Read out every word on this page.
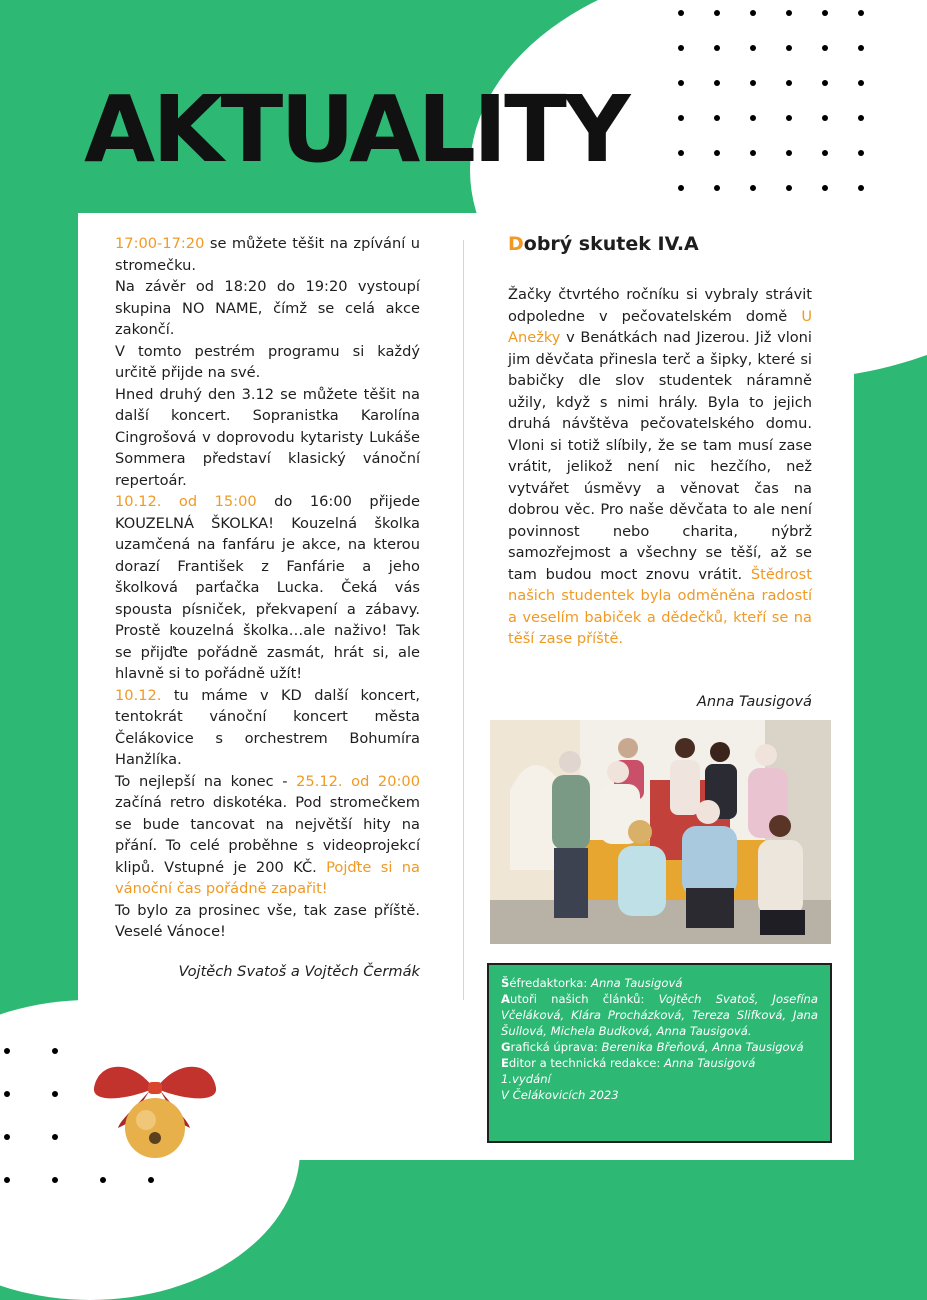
AKTUALITY

17:00-17:20 se můžete těšit na zpívání u stromečku.

Na závěr od 18:20 do 19:20 vystoupí skupina NO NAME, čímž se celá akce zakončí.

V tomto pestrém programu si každý určitě přijde na své.

Hned druhý den 3.12 se můžete těšit na další koncert. Sopranistka Karolína Cingrošová v doprovodu kytaristy Lukáše Sommera představí klasický vánoční repertoár.

10.12. od 15:00 do 16:00 přijede KOUZELNÁ ŠKOLKA! Kouzelná školka uzamčená na fanfáru je akce, na kterou dorazí František z Fanfárie a jeho školková parťačka Lucka. Čeká vás spousta písniček, překvapení a zábavy. Prostě kouzelná školka…ale naživo! Tak se přijďte pořádně zasmát, hrát si, ale hlavně si to pořádně užít!

10.12. tu máme v KD další koncert, tentokrát vánoční koncert města Čelákovice s orchestrem Bohumíra Hanžlíka.

To nejlepší na konec - 25.12. od 20:00 začíná retro diskotéka. Pod stromečkem se bude tancovat na největší hity na přání. To celé proběhne s videoprojekcí klipů. Vstupné je 200 KČ. Pojďte si na vánoční čas pořádně zapařit!

To bylo za prosinec vše, tak zase příště. Veselé Vánoce!

Vojtěch Svatoš a Vojtěch Čermák

Dobrý skutek IV.A

Žačky čtvrtého ročníku si vybraly strávit odpoledne v pečovatelském domě U Anežky v Benátkách nad Jizerou. Již vloni jim děvčata přinesla terč a šipky, které si babičky dle slov studentek náramně užily, když s nimi hrály. Byla to jejich druhá návštěva pečovatelského domu. Vloni si totiž slíbily, že se tam musí zase vrátit, jelikož není nic hezčího, než vytvářet úsměvy a věnovat čas na dobrou věc. Pro naše děvčata to ale není povinnost nebo charita, nýbrž samozřejmost a všechny se těší, až se tam budou moct znovu vrátit. Štědrost našich studentek byla odměněna radostí a veselím babiček a dědečků, kteří se na těší zase příště.

Anna Tausigová

Šéfredaktorka: Anna Tausigová

Autoři našich článků: Vojtěch Svatoš, Josefína Včeláková, Klára Procházková, Tereza Slifková, Jana Šullová, Michela Budková, Anna Tausigová.

Grafická úprava: Berenika Břeňová, Anna Tausigová

Editor a technická redakce: Anna Tausigová

1.vydání

V Čelákovicích 2023
